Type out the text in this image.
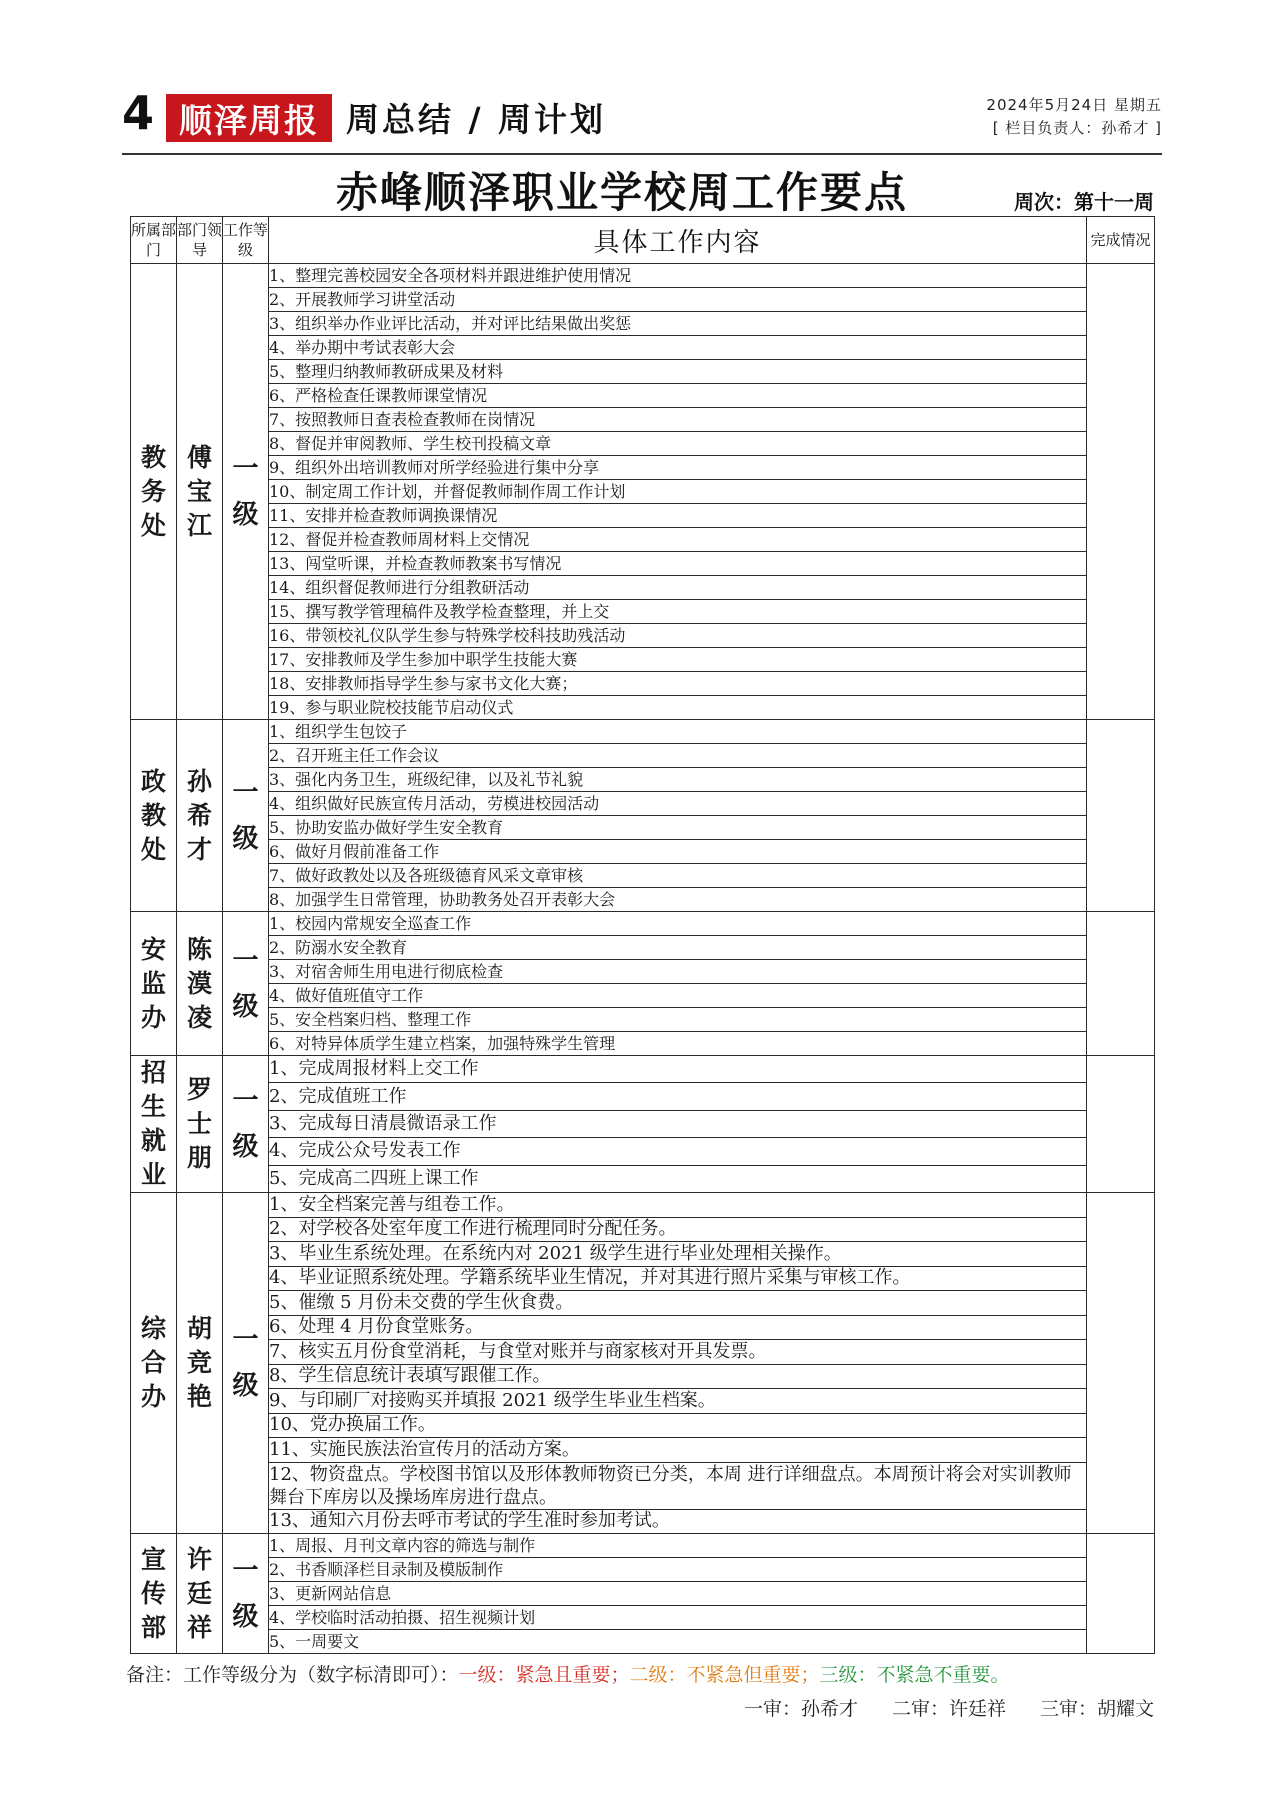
4 顺泽周报 周总结 / 周计划	2024年5月24日 星期五
[ 栏目负责人：孙希才 ]
赤峰顺泽职业学校周工作要点	周次：第十一周
所属部门	部门领导	工作等级	具体工作内容	完成情况

教务处	傅宝江	一级	1、整理完善校园安全各项材料并跟进维护使用情况	
			2、开展教师学习讲堂活动	
			3、组织举办作业评比活动，并对评比结果做出奖惩	
			4、举办期中考试表彰大会	
			5、整理归纳教师教研成果及材料	
			6、严格检查任课教师课堂情况	
			7、按照教师日查表检查教师在岗情况	
			8、督促并审阅教师、学生校刊投稿文章	
			9、组织外出培训教师对所学经验进行集中分享	
			10、制定周工作计划，并督促教师制作周工作计划	
			11、安排并检查教师调换课情况	
			12、督促并检查教师周材料上交情况	
			13、闯堂听课，并检查教师教案书写情况	
			14、组织督促教师进行分组教研活动	
			15、撰写教学管理稿件及教学检查整理，并上交	
			16、带领校礼仪队学生参与特殊学校科技助残活动	
			17、安排教师及学生参加中职学生技能大赛	
			18、安排教师指导学生参与家书文化大赛；	
			19、参与职业院校技能节启动仪式	

政教处	孙希才	一级	1、组织学生包饺子	
			2、召开班主任工作会议	
			3、强化内务卫生，班级纪律，以及礼节礼貌	
			4、组织做好民族宣传月活动，劳模进校园活动	
			5、协助安监办做好学生安全教育	
			6、做好月假前准备工作	
			7、做好政教处以及各班级德育风采文章审核	
			8、加强学生日常管理，协助教务处召开表彰大会	

安监办	陈漠凌	一级	1、校园内常规安全巡查工作	
			2、防溺水安全教育	
			3、对宿舍师生用电进行彻底检查	
			4、做好值班值守工作	
			5、安全档案归档、整理工作	
			6、对特异体质学生建立档案，加强特殊学生管理	

招生就业	罗士朋	一级	1、完成周报材料上交工作	
			2、完成值班工作	
			3、完成每日清晨微语录工作	
			4、完成公众号发表工作	
			5、完成高二四班上课工作	

综合办	胡竞艳	一级	1、安全档案完善与组卷工作。	
			2、对学校各处室年度工作进行梳理同时分配任务。	
			3、毕业生系统处理。在系统内对 2021 级学生进行毕业处理相关操作。	
			4、毕业证照系统处理。学籍系统毕业生情况，并对其进行照片采集与审核工作。	
			5、催缴 5 月份未交费的学生伙食费。	
			6、处理 4 月份食堂账务。	
			7、核实五月份食堂消耗，与食堂对账并与商家核对开具发票。	
			8、学生信息统计表填写跟催工作。	
			9、与印刷厂对接购买并填报 2021 级学生毕业生档案。	
			10、党办换届工作。	
			11、实施民族法治宣传月的活动方案。	
			12、物资盘点。学校图书馆以及形体教师物资已分类，本周 进行详细盘点。本周预计将会对实训教师舞台下库房以及操场库房进行盘点。	
			13、通知六月份去呼市考试的学生准时参加考试。	

宣传部	许廷祥	一级	1、周报、月刊文章内容的筛选与制作	
			2、书香顺泽栏目录制及模版制作	
			3、更新网站信息	
			4、学校临时活动拍摄、招生视频计划	
			5、一周要文	
备注：工作等级分为（数字标清即可）：一级：紧急且重要；二级：不紧急但重要；三级：不紧急不重要。
一审：孙希才 二审：许廷祥 三审：胡耀文
